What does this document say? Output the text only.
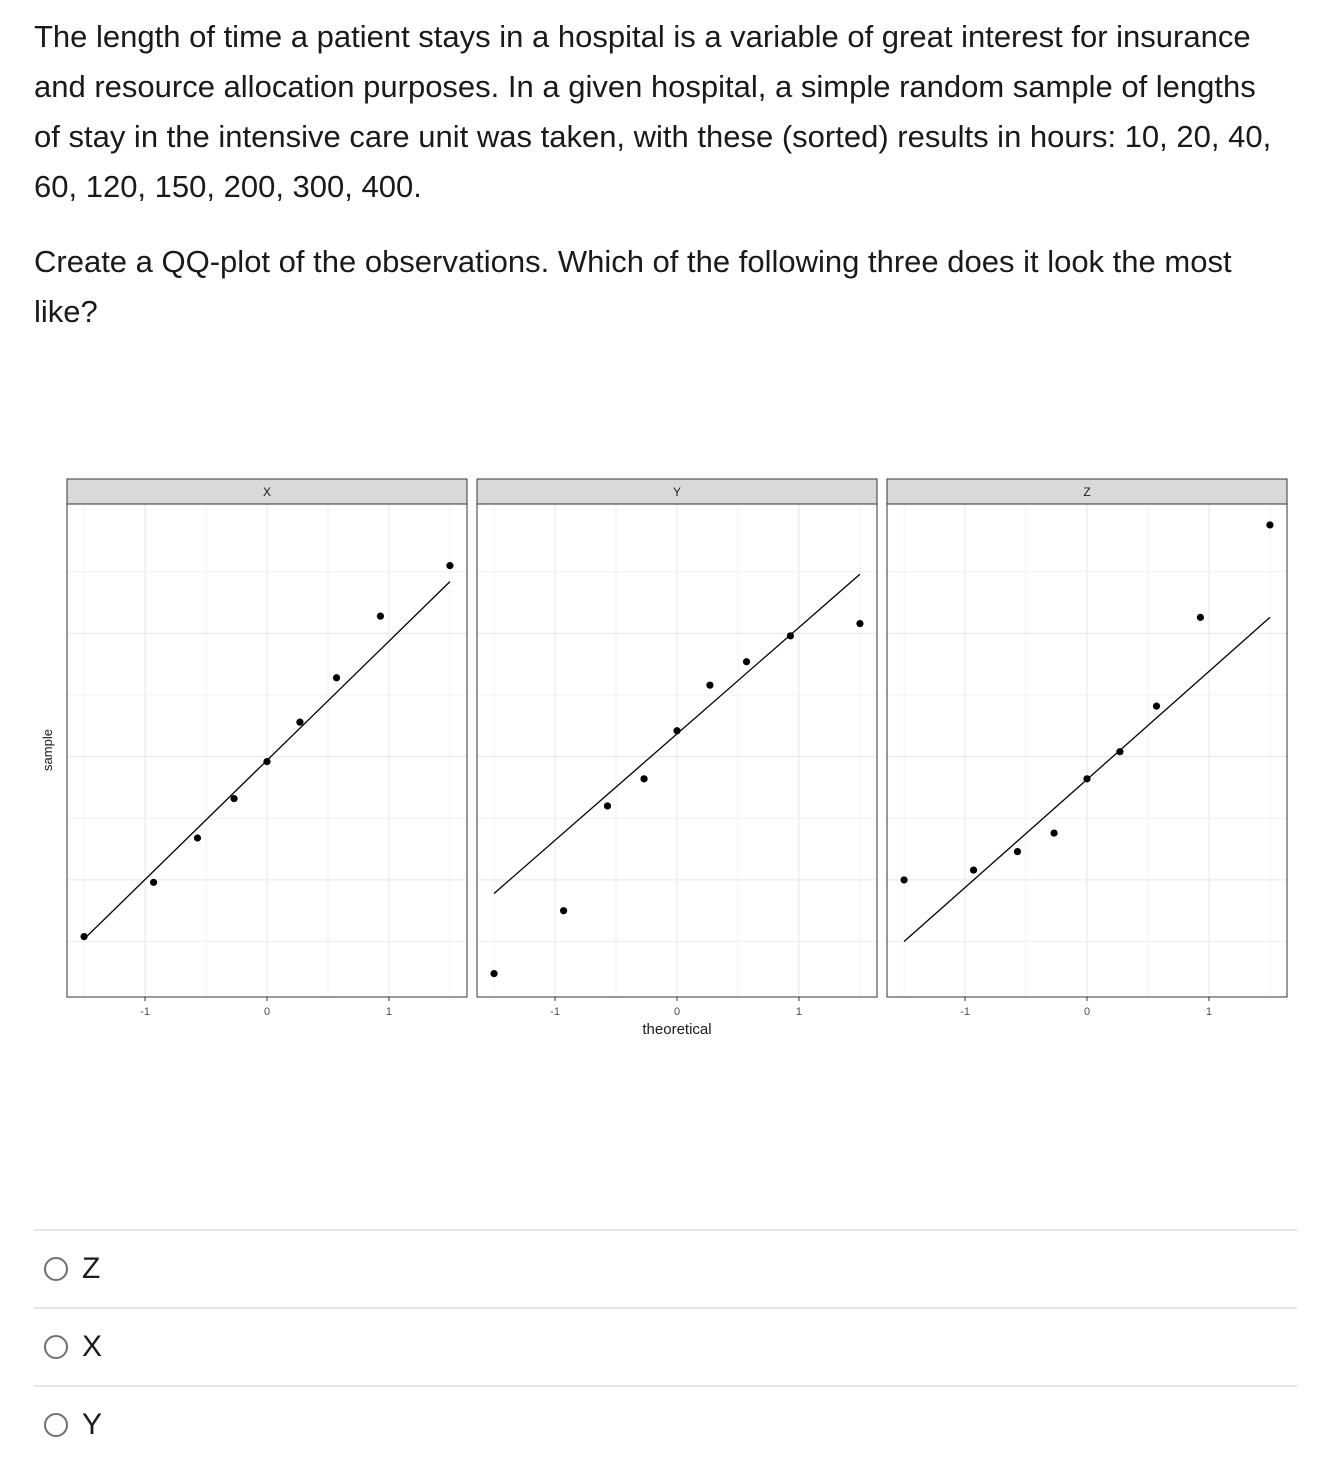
The length of time a patient stays in a hospital is a variable of great interest for insurance and resource allocation purposes. In a given hospital, a simple random sample of lengths of stay in the intensive care unit was taken, with these (sorted) results in hours: 10, 20, 40, 60, 120, 150, 200, 300, 400.

Create a QQ-plot of the observations. Which of the following three does it look the most like?

sample
theoretical
X
-1	0	1
Y
-1	0	1
Z
-1	0	1
Z
X
Y
